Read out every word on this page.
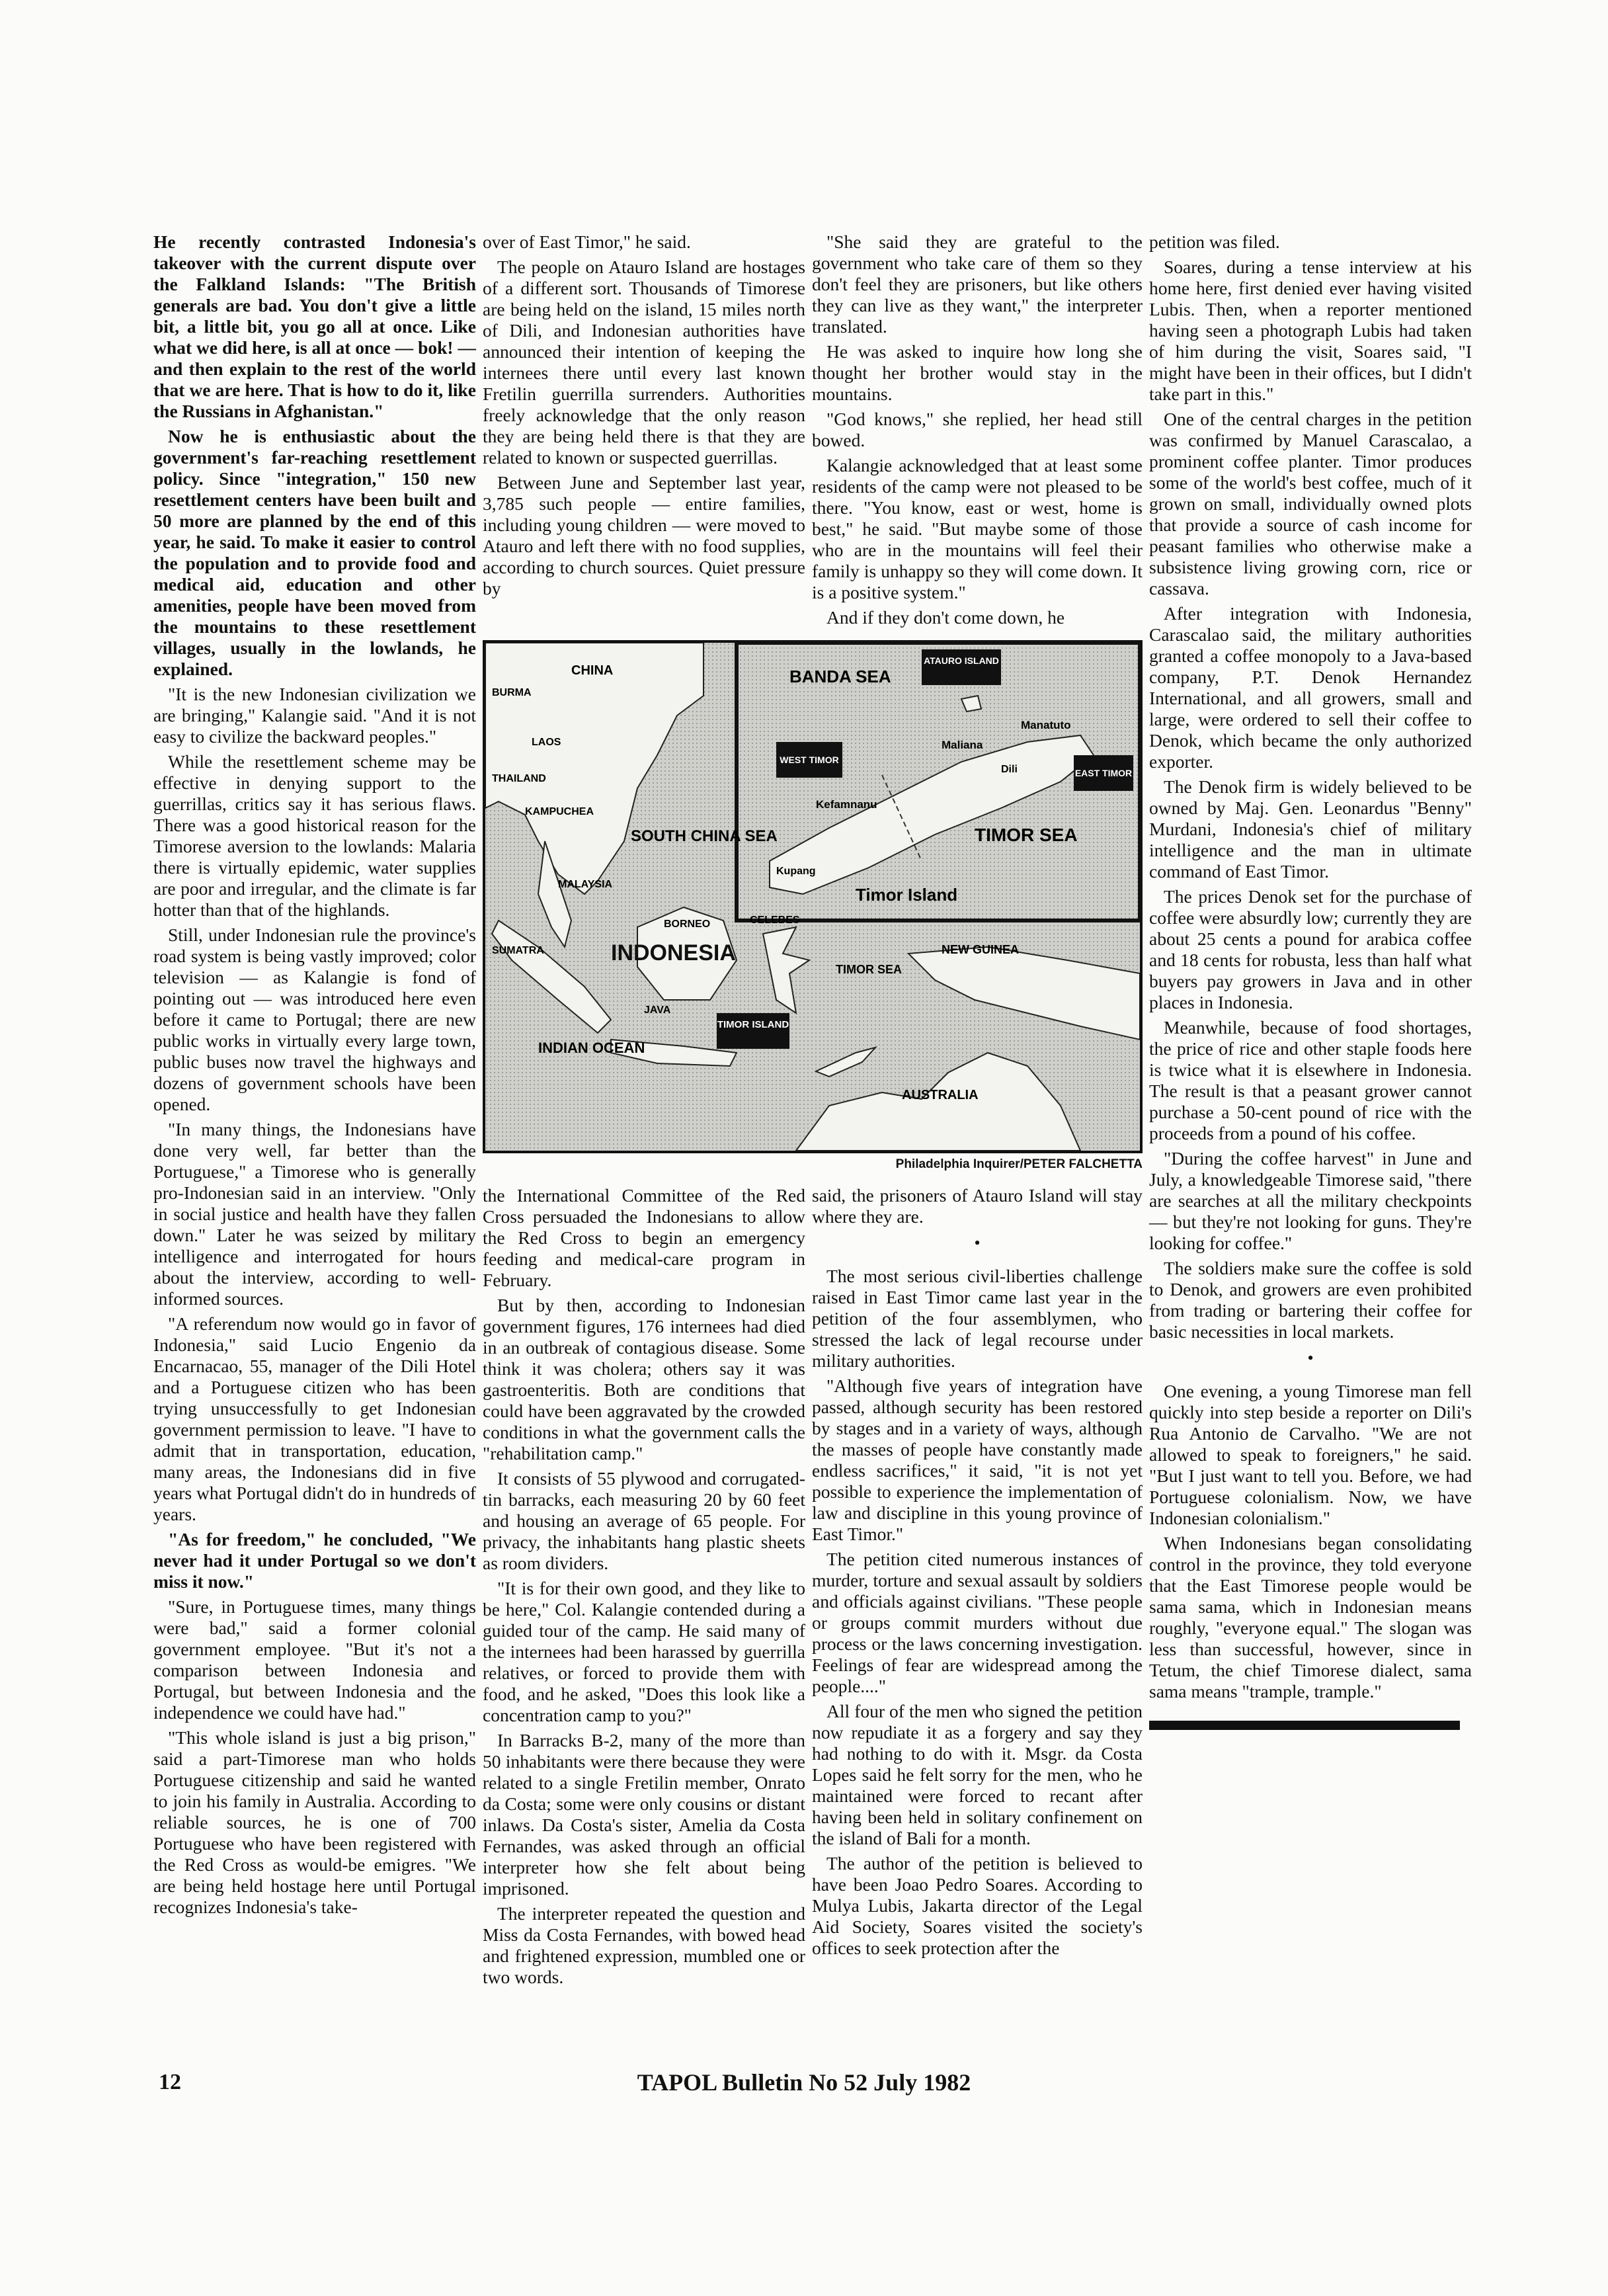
He recently contrasted Indonesia's takeover with the current dispute over the Falkland Islands: "The British generals are bad. You don't give a little bit, a little bit, you go all at once. Like what we did here, is all at once — bok! — and then explain to the rest of the world that we are here. That is how to do it, like the Russians in Afghanistan."

Now he is enthusiastic about the government's far-reaching resettlement policy. Since "integration," 150 new resettlement centers have been built and 50 more are planned by the end of this year, he said. To make it easier to control the population and to provide food and medical aid, education and other amenities, people have been moved from the mountains to these resettlement villages, usually in the lowlands, he explained.

"It is the new Indonesian civilization we are bringing," Kalangie said. "And it is not easy to civilize the backward peoples."

While the resettlement scheme may be effective in denying support to the guerrillas, critics say it has serious flaws. There was a good historical reason for the Timorese aversion to the lowlands: Malaria there is virtually epidemic, water supplies are poor and irregular, and the climate is far hotter than that of the highlands.

Still, under Indonesian rule the province's road system is being vastly improved; color television — as Kalangie is fond of pointing out — was introduced here even before it came to Portugal; there are new public works in virtually every large town, public buses now travel the highways and dozens of government schools have been opened.

"In many things, the Indonesians have done very well, far better than the Portuguese," a Timorese who is generally pro-Indonesian said in an interview. "Only in social justice and health have they fallen down." Later he was seized by military intelligence and interrogated for hours about the interview, according to well-informed sources.

"A referendum now would go in favor of Indonesia," said Lucio Engenio da Encarnacao, 55, manager of the Dili Hotel and a Portuguese citizen who has been trying unsuccessfully to get Indonesian government permission to leave. "I have to admit that in transportation, education, many areas, the Indonesians did in five years what Portugal didn't do in hundreds of years.

"As for freedom," he concluded, "We never had it under Portugal so we don't miss it now."

"Sure, in Portuguese times, many things were bad," said a former colonial government employee. "But it's not a comparison between Indonesia and Portugal, but between Indonesia and the independence we could have had."

"This whole island is just a big prison," said a part-Timorese man who holds Portuguese citizenship and said he wanted to join his family in Australia. According to reliable sources, he is one of 700 Portuguese who have been registered with the Red Cross as would-be emigres. "We are being held hostage here until Portugal recognizes Indonesia's take-

over of East Timor," he said.

The people on Atauro Island are hostages of a different sort. Thousands of Timorese are being held on the island, 15 miles north of Dili, and Indonesian authorities have announced their intention of keeping the internees there until every last known Fretilin guerrilla surrenders. Authorities freely acknowledge that the only reason they are being held there is that they are related to known or suspected guerrillas.

Between June and September last year, 3,785 such people — entire families, including young children — were moved to Atauro and left there with no food supplies, according to church sources. Quiet pressure by

"She said they are grateful to the government who take care of them so they don't feel they are prisoners, but like others they can live as they want," the interpreter translated.

He was asked to inquire how long she thought her brother would stay in the mountains.

"God knows," she replied, her head still bowed.

Kalangie acknowledged that at least some residents of the camp were not pleased to be there. "You know, east or west, home is best," he said. "But maybe some of those who are in the mountains will feel their family is unhappy so they will come down. It is a positive system."

And if they don't come down, he

petition was filed.

Soares, during a tense interview at his home here, first denied ever having visited Lubis. Then, when a reporter mentioned having seen a photograph Lubis had taken of him during the visit, Soares said, "I might have been in their offices, but I didn't take part in this."

One of the central charges in the petition was confirmed by Manuel Carascalao, a prominent coffee planter. Timor produces some of the world's best coffee, much of it grown on small, individually owned plots that provide a source of cash income for peasant families who otherwise make a subsistence living growing corn, rice or cassava.

After integration with Indonesia, Carascalao said, the military authorities granted a coffee monopoly to a Java-based company, P.T. Denok Hernandez International, and all growers, small and large, were ordered to sell their coffee to Denok, which became the only authorized exporter.

The Denok firm is widely believed to be owned by Maj. Gen. Leonardus "Benny" Murdani, Indonesia's chief of military intelligence and the man in ultimate command of East Timor.

The prices Denok set for the purchase of coffee were absurdly low; currently they are about 25 cents a pound for arabica coffee and 18 cents for robusta, less than half what buyers pay growers in Java and in other places in Indonesia.

Meanwhile, because of food shortages, the price of rice and other staple foods here is twice what it is elsewhere in Indonesia. The result is that a peasant grower cannot purchase a 50-cent pound of rice with the proceeds from a pound of his coffee.

"During the coffee harvest" in June and July, a knowledgeable Timorese said, "there are searches at all the military checkpoints — but they're not looking for guns. They're looking for coffee."

The soldiers make sure the coffee is sold to Denok, and growers are even prohibited from trading or bartering their coffee for basic necessities in local markets.

•

One evening, a young Timorese man fell quickly into step beside a reporter on Dili's Rua Antonio de Carvalho. "We are not allowed to speak to foreigners," he said. "But I just want to tell you. Before, we had Portuguese colonialism. Now, we have Indonesian colonialism."

When Indonesians began consolidating control in the province, they told everyone that the East Timorese people would be sama sama, which in Indonesian means roughly, "everyone equal." The slogan was less than successful, however, since in Tetum, the chief Timorese dialect, sama sama means "trample, trample."

CHINA
BURMA
LAOS
THAILAND
KAMPUCHEA
SOUTH CHINA SEA
MALAYSIA
BORNEO	CELEBES
SUMATRA	INDONESIA
JAVA
NEW GUINEA
TIMOR SEA
INDIAN OCEAN
AUSTRALIA
TIMOR ISLAND
BANDA SEA
ATAURO ISLAND
WEST TIMOR
EAST TIMOR
Manatuto
Maliana
Dili
Kefamnanu
Kupang
TIMOR SEA
Timor Island
Philadelphia Inquirer/PETER FALCHETTA

the International Committee of the Red Cross persuaded the Indonesians to allow the Red Cross to begin an emergency feeding and medical-care program in February.

But by then, according to Indonesian government figures, 176 internees had died in an outbreak of contagious disease. Some think it was cholera; others say it was gastroenteritis. Both are conditions that could have been aggravated by the crowded conditions in what the government calls the "rehabilitation camp."

It consists of 55 plywood and corrugated-tin barracks, each measuring 20 by 60 feet and housing an average of 65 people. For privacy, the inhabitants hang plastic sheets as room dividers.

"It is for their own good, and they like to be here," Col. Kalangie contended during a guided tour of the camp. He said many of the internees had been harassed by guerrilla relatives, or forced to provide them with food, and he asked, "Does this look like a concentration camp to you?"

In Barracks B-2, many of the more than 50 inhabitants were there because they were related to a single Fretilin member, Onrato da Costa; some were only cousins or distant inlaws. Da Costa's sister, Amelia da Costa Fernandes, was asked through an official interpreter how she felt about being imprisoned.

The interpreter repeated the question and Miss da Costa Fernandes, with bowed head and frightened expression, mumbled one or two words.

said, the prisoners of Atauro Island will stay where they are.

•

The most serious civil-liberties challenge raised in East Timor came last year in the petition of the four assemblymen, who stressed the lack of legal recourse under military authorities.

"Although five years of integration have passed, although security has been restored by stages and in a variety of ways, although the masses of people have constantly made endless sacrifices," it said, "it is not yet possible to experience the implementation of law and discipline in this young province of East Timor."

The petition cited numerous instances of murder, torture and sexual assault by soldiers and officials against civilians. "These people or groups commit murders without due process or the laws concerning investigation. Feelings of fear are widespread among the people...."

All four of the men who signed the petition now repudiate it as a forgery and say they had nothing to do with it. Msgr. da Costa Lopes said he felt sorry for the men, who he maintained were forced to recant after having been held in solitary confinement on the island of Bali for a month.

The author of the petition is believed to have been Joao Pedro Soares. According to Mulya Lubis, Jakarta director of the Legal Aid Society, Soares visited the society's offices to seek protection after the

12	TAPOL Bulletin No 52 July 1982
